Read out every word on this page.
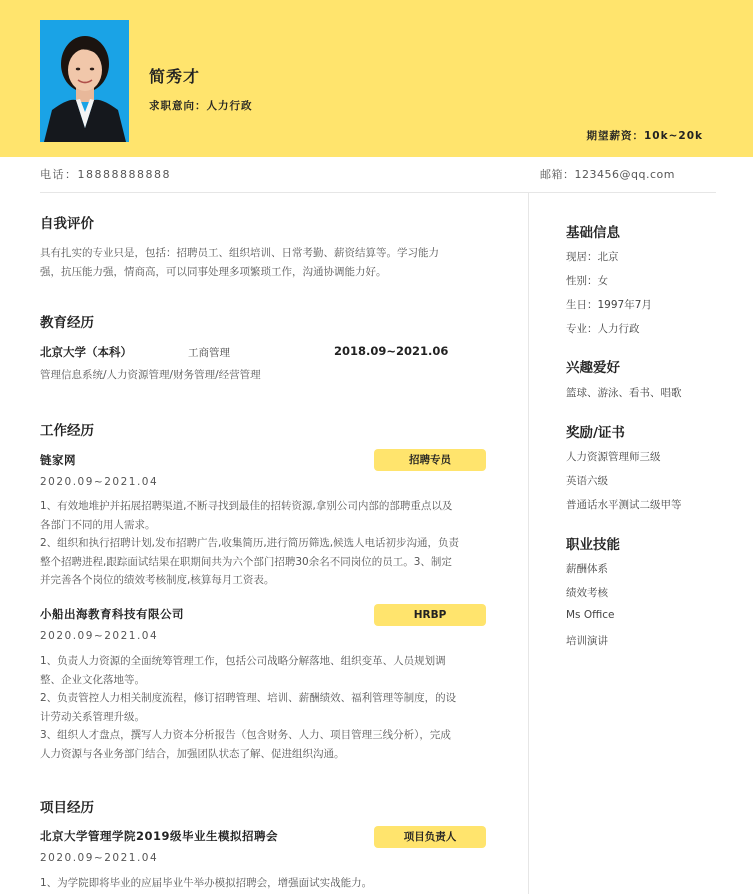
简秀才
求职意向：人力行政
期望薪资：10k~20k
电话：18888888888	邮箱：123456@qq.com
自我评价
具有扎实的专业只是，包括：招聘员工、组织培训、日常考勤、薪资结算等。学习能力
强，抗压能力强，情商高，可以同事处理多项繁琐工作，沟通协调能力好。
教育经历
北京大学（本科）	工商管理	2018.09~2021.06
管理信息系统/人力资源管理/财务管理/经营管理
工作经历
链家网	招聘专员
2020.09~2021.04
1、有效地堆护并拓展招聘渠道,不断寻找到最佳的招转资源,拿别公司内部的部聘重点以及
各部门不同的用人需求。
2、组织和执行招聘计划,发布招聘广告,收集简历,进行简历筛选,候选人电话初步沟通，负责
整个招聘进程,跟踪面试结果在职期间共为六个部门招聘30余名不同岗位的员工。3、制定
并完善各个岗位的绩效考核制度,核算每月工资表。
小船出海教育科技有限公司	HRBP
2020.09~2021.04
1、负责人力资源的全面统筹管理工作，包括公司战略分解落地、组织变革、人员规划调
整、企业文化落地等。
2、负责管控人力相关制度流程，修订招聘管理、培训、薪酬绩效、福利管理等制度，的设
计劳动关系管理升级。
3、组织人才盘点，撰写人力资本分析报告（包含财务、人力、项目管理三线分析），完成
人力资源与各业务部门结合，加强团队状态了解、促进组织沟通。
项目经历
北京大学管理学院2019级毕业生模拟招聘会	项目负责人
2020.09~2021.04
1、为学院即将毕业的应届毕业牛举办模拟招聘会，增强面试实战能力。
基础信息
现居：北京
性别：女
生日：1997年7月
专业：人力行政
兴趣爱好
篮球、游泳、看书、唱歌
奖励/证书
人力资源管理师三级
英语六级
普通话水平测试二级甲等
职业技能
薪酬体系
绩效考核
Ms Office
培训演讲
